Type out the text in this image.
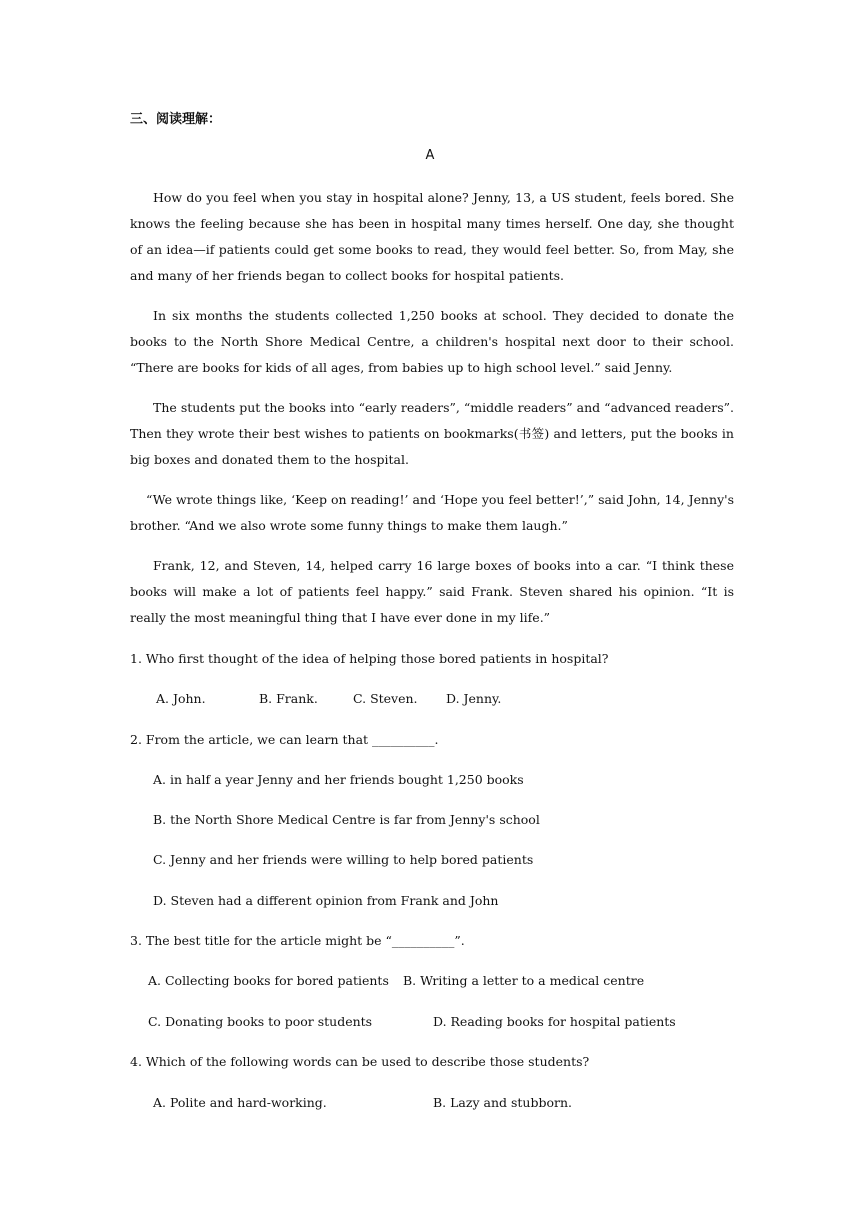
三、阅读理解：
A

How do you feel when you stay in hospital alone? Jenny, 13, a US student, feels bored. She knows the feeling because she has been in hospital many times herself. One day, she thought of an idea—if patients could get some books to read, they would feel better. So, from May, she and many of her friends began to collect books for hospital patients.

In six months the students collected 1,250 books at school. They decided to donate the books to the North Shore Medical Centre, a children's hospital next door to their school. “There are books for kids of all ages, from babies up to high school level.” said Jenny.

The students put the books into “early readers”, “middle readers” and “advanced readers”. Then they wrote their best wishes to patients on bookmarks(书签) and letters, put the books in big boxes and donated them to the hospital.

“We wrote things like, ‘Keep on reading!’ and ‘Hope you feel better!’,” said John, 14, Jenny's brother. “And we also wrote some funny things to make them laugh.”

Frank, 12, and Steven, 14, helped carry 16 large boxes of books into a car. “I think these books will make a lot of patients feel happy.” said Frank. Steven shared his opinion. “It is really the most meaningful thing that I have ever done in my life.”

1. Who first thought of the idea of helping those bored patients in hospital?

A. John.	B. Frank.	C. Steven. D. Jenny.

2. From the article, we can learn that __________.

A. in half a year Jenny and her friends bought 1,250 books
B. the North Shore Medical Centre is far from Jenny's school
C. Jenny and her friends were willing to help bored patients
D. Steven had a different opinion from Frank and John

3. The best title for the article might be “__________”.

A. Collecting books for bored patients B. Writing a letter to a medical centre
C. Donating books to poor students	D. Reading books for hospital patients

4. Which of the following words can be used to describe those students?

A. Polite and hard-working.	B. Lazy and stubborn.
